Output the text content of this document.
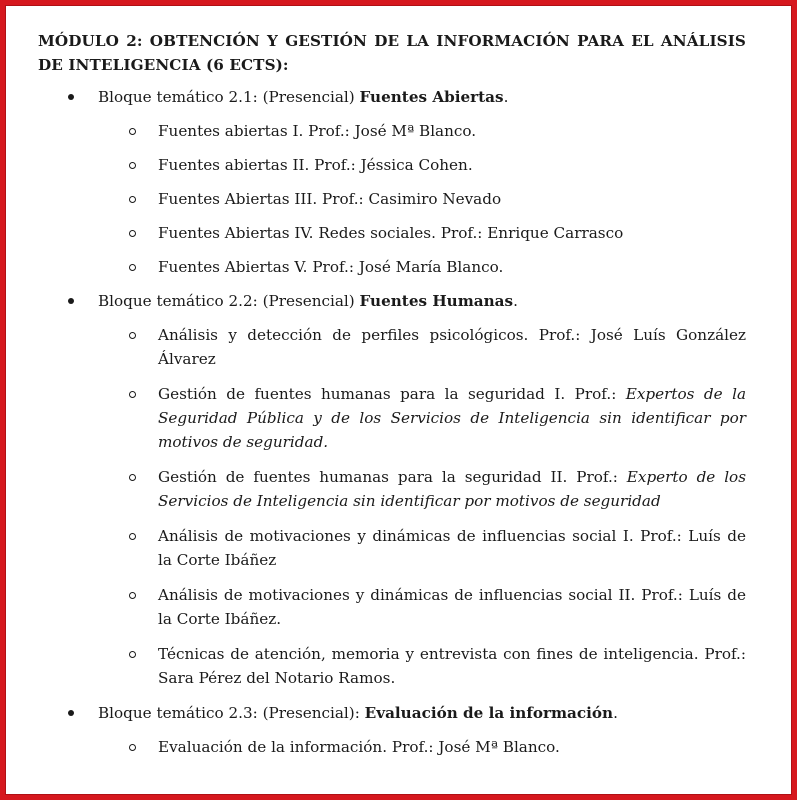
MÓDULO 2: OBTENCIÓN Y GESTIÓN DE LA INFORMACIÓN PARA EL ANÁLISIS DE INTELIGENCIA (6 ECTS):
Bloque temático 2.1: (Presencial) Fuentes Abiertas.
Fuentes abiertas I. Prof.: José Mª Blanco.
Fuentes abiertas II. Prof.: Jéssica Cohen.
Fuentes Abiertas III. Prof.: Casimiro Nevado
Fuentes Abiertas IV. Redes sociales. Prof.: Enrique Carrasco
Fuentes Abiertas V. Prof.: José María Blanco.
Bloque temático 2.2: (Presencial) Fuentes Humanas.
Análisis y detección de perfiles psicológicos. Prof.: José Luís González Álvarez
Gestión de fuentes humanas para la seguridad I. Prof.: Expertos de la Seguridad Pública y de los Servicios de Inteligencia sin identificar por motivos de seguridad.
Gestión de fuentes humanas para la seguridad II. Prof.: Experto de los Servicios de Inteligencia sin identificar por motivos de seguridad
Análisis de motivaciones y dinámicas de influencias social I. Prof.: Luís de la Corte Ibáñez
Análisis de motivaciones y dinámicas de influencias social II. Prof.: Luís de la Corte Ibáñez.
Técnicas de atención, memoria y entrevista con fines de inteligencia. Prof.: Sara Pérez del Notario Ramos.
Bloque temático 2.3: (Presencial): Evaluación de la información.
Evaluación de la información. Prof.: José Mª Blanco.
